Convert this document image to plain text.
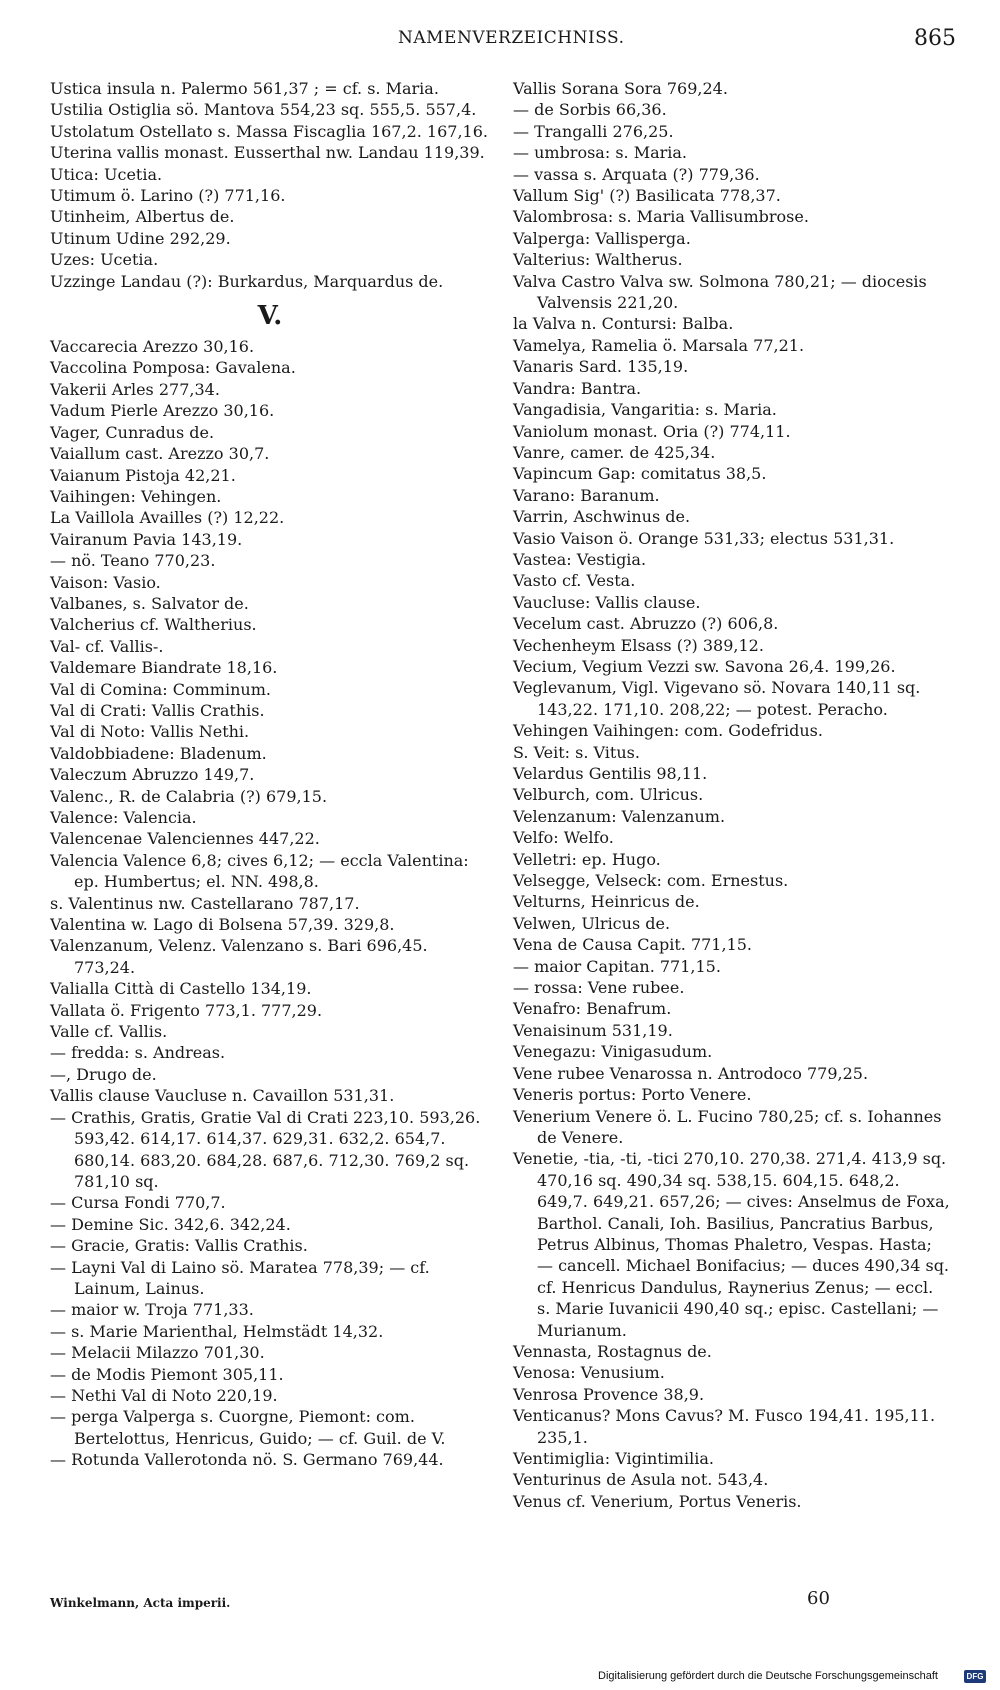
NAMENVERZEICHNISS.	865

Ustica insula n. Palermo 561,37 ; = cf. s. Maria.

Ustilia Ostiglia sö. Mantova 554,23 sq. 555,5. 557,4.

Ustolatum Ostellato s. Massa Fiscaglia 167,2. 167,16.

Uterina vallis monast. Eusserthal nw. Landau 119,39.

Utica: Ucetia.

Utimum ö. Larino (?) 771,16.

Utinheim, Albertus de.

Utinum Udine 292,29.

Uzes: Ucetia.

Uzzinge Landau (?): Burkardus, Marquardus de.

V.

Vaccarecia Arezzo 30,16.

Vaccolina Pomposa: Gavalena.

Vakerii Arles 277,34.

Vadum Pierle Arezzo 30,16.

Vager, Cunradus de.

Vaiallum cast. Arezzo 30,7.

Vaianum Pistoja 42,21.

Vaihingen: Vehingen.

La Vaillola Availles (?) 12,22.

Vairanum Pavia 143,19.

— nö. Teano 770,23.

Vaison: Vasio.

Valbanes, s. Salvator de.

Valcherius cf. Waltherius.

Val- cf. Vallis-.

Valdemare Biandrate 18,16.

Val di Comina: Comminum.

Val di Crati: Vallis Crathis.

Val di Noto: Vallis Nethi.

Valdobbiadene: Bladenum.

Valeczum Abruzzo 149,7.

Valenc., R. de Calabria (?) 679,15.

Valence: Valencia.

Valencenae Valenciennes 447,22.

Valencia Valence 6,8; cives 6,12; — eccla Valentina: ep. Humbertus; el. NN. 498,8.

s. Valentinus nw. Castellarano 787,17.

Valentina w. Lago di Bolsena 57,39. 329,8.

Valenzanum, Velenz. Valenzano s. Bari 696,45. 773,24.

Valialla Città di Castello 134,19.

Vallata ö. Frigento 773,1. 777,29.

Valle cf. Vallis.

— fredda: s. Andreas.

—, Drugo de.

Vallis clause Vaucluse n. Cavaillon 531,31.

— Crathis, Gratis, Gratie Val di Crati 223,10. 593,26. 593,42. 614,17. 614,37. 629,31. 632,2. 654,7. 680,14. 683,20. 684,28. 687,6. 712,30. 769,2 sq. 781,10 sq.

— Cursa Fondi 770,7.

— Demine Sic. 342,6. 342,24.

— Gracie, Gratis: Vallis Crathis.

— Layni Val di Laino sö. Maratea 778,39; — cf. Lainum, Lainus.

— maior w. Troja 771,33.

— s. Marie Marienthal, Helmstädt 14,32.

— Melacii Milazzo 701,30.

— de Modis Piemont 305,11.

— Nethi Val di Noto 220,19.

— perga Valperga s. Cuorgne, Piemont: com. Bertelottus, Henricus, Guido; — cf. Guil. de V.

— Rotunda Vallerotonda nö. S. Germano 769,44.

Vallis Sorana Sora 769,24.

— de Sorbis 66,36.

— Trangalli 276,25.

— umbrosa: s. Maria.

— vassa s. Arquata (?) 779,36.

Vallum Sig' (?) Basilicata 778,37.

Valombrosa: s. Maria Vallisumbrose.

Valperga: Vallisperga.

Valterius: Waltherus.

Valva Castro Valva sw. Solmona 780,21; — diocesis Valvensis 221,20.

la Valva n. Contursi: Balba.

Vamelya, Ramelia ö. Marsala 77,21.

Vanaris Sard. 135,19.

Vandra: Bantra.

Vangadisia, Vangaritia: s. Maria.

Vaniolum monast. Oria (?) 774,11.

Vanre, camer. de 425,34.

Vapincum Gap: comitatus 38,5.

Varano: Baranum.

Varrin, Aschwinus de.

Vasio Vaison ö. Orange 531,33; electus 531,31.

Vastea: Vestigia.

Vasto cf. Vesta.

Vaucluse: Vallis clause.

Vecelum cast. Abruzzo (?) 606,8.

Vechenheym Elsass (?) 389,12.

Vecium, Vegium Vezzi sw. Savona 26,4. 199,26.

Veglevanum, Vigl. Vigevano sö. Novara 140,11 sq. 143,22. 171,10. 208,22; — potest. Peracho.

Vehingen Vaihingen: com. Godefridus.

S. Veit: s. Vitus.

Velardus Gentilis 98,11.

Velburch, com. Ulricus.

Velenzanum: Valenzanum.

Velfo: Welfo.

Velletri: ep. Hugo.

Velsegge, Velseck: com. Ernestus.

Velturns, Heinricus de.

Velwen, Ulricus de.

Vena de Causa Capit. 771,15.

— maior Capitan. 771,15.

— rossa: Vene rubee.

Venafro: Benafrum.

Venaisinum 531,19.

Venegazu: Vinigasudum.

Vene rubee Venarossa n. Antrodoco 779,25.

Veneris portus: Porto Venere.

Venerium Venere ö. L. Fucino 780,25; cf. s. Iohannes de Venere.

Venetie, -tia, -ti, -tici 270,10. 270,38. 271,4. 413,9 sq. 470,16 sq. 490,34 sq. 538,15. 604,15. 648,2. 649,7. 649,21. 657,26; — cives: Anselmus de Foxa, Barthol. Canali, Ioh. Basilius, Pancratius Barbus, Petrus Albinus, Thomas Phaletro, Vespas. Hasta; — cancell. Michael Bonifacius; — duces 490,34 sq. cf. Henricus Dandulus, Raynerius Zenus; — eccl. s. Marie Iuvanicii 490,40 sq.; episc. Castellani; — Murianum.

Vennasta, Rostagnus de.

Venosa: Venusium.

Venrosa Provence 38,9.

Venticanus? Mons Cavus? M. Fusco 194,41. 195,11. 235,1.

Ventimiglia: Vigintimilia.

Venturinus de Asula not. 543,4.

Venus cf. Venerium, Portus Veneris.

Winkelmann, Acta imperii.	60
Digitalisierung gefördert durch die Deutsche Forschungsgemeinschaft	DFG
